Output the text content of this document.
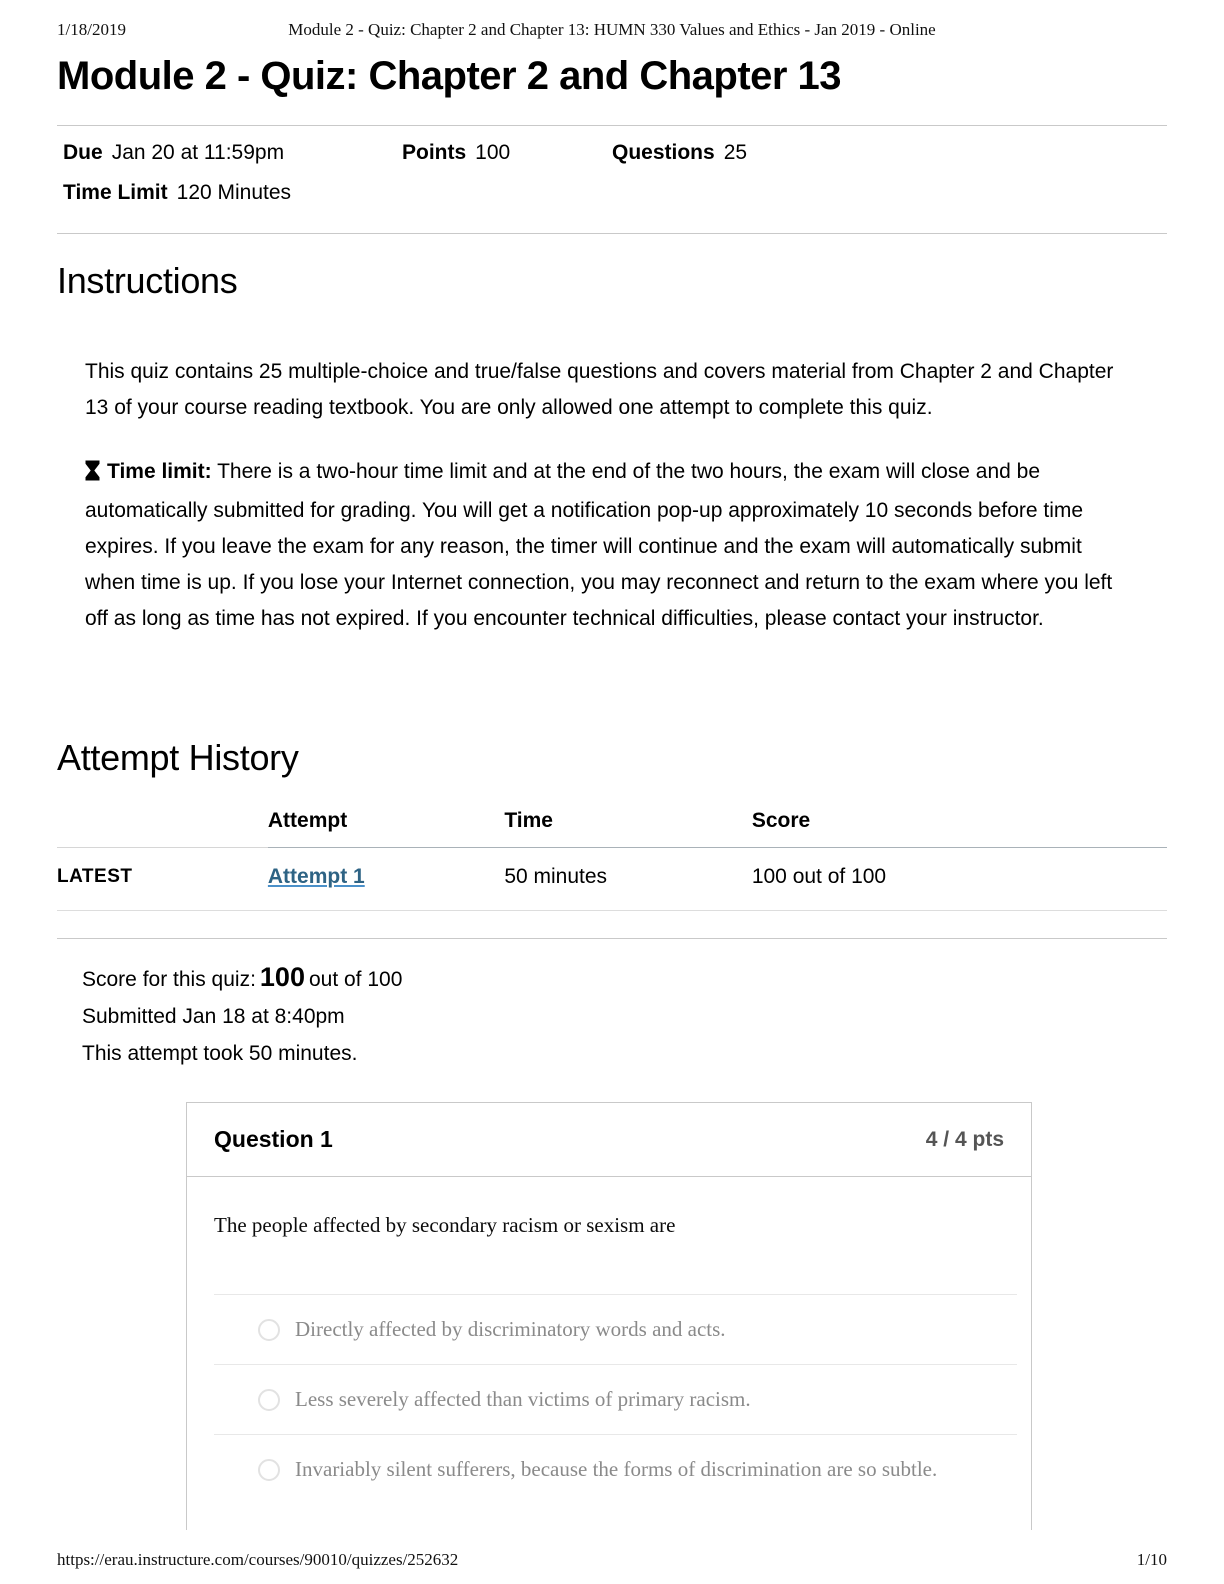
1/18/2019	Module 2 - Quiz: Chapter 2 and Chapter 13: HUMN 330 Values and Ethics - Jan 2019 - Online
Module 2 - Quiz: Chapter 2 and Chapter 13
Due Jan 20 at 11:59pm	Points 100	Questions 25
Time Limit 120 Minutes
Instructions

This quiz contains 25 multiple-choice and true/false questions and covers material from Chapter 2 and Chapter 13 of your course reading textbook. You are only allowed one attempt to complete this quiz.

Time limit: There is a two-hour time limit and at the end of the two hours, the exam will close and be automatically submitted for grading. You will get a notification pop-up approximately 10 seconds before time expires. If you leave the exam for any reason, the timer will continue and the exam will automatically submit when time is up. If you lose your Internet connection, you may reconnect and return to the exam where you left off as long as time has not expired. If you encounter technical difficulties, please contact your instructor.

Attempt History
	Attempt	Time	Score
LATEST	Attempt 1	50 minutes	100 out of 100
Score for this quiz: 100 out of 100
Submitted Jan 18 at 8:40pm
This attempt took 50 minutes.
Question 1	4 / 4 pts
The people affected by secondary racism or sexism are
Directly affected by discriminatory words and acts.
Less severely affected than victims of primary racism.
Invariably silent sufferers, because the forms of discrimination are so subtle.
https://erau.instructure.com/courses/90010/quizzes/252632	1/10
